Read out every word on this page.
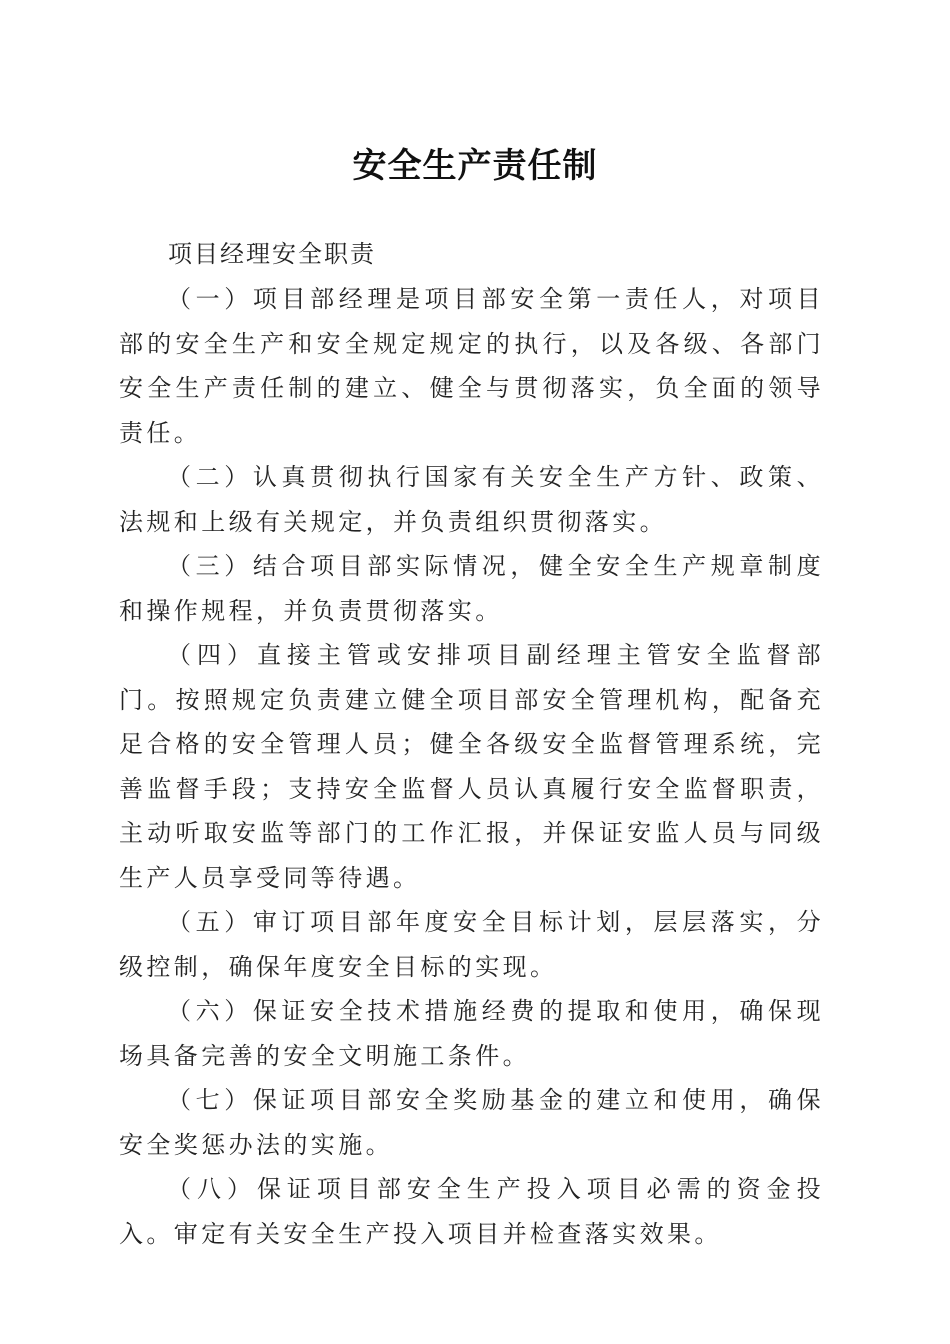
安全生产责任制

项目经理安全职责

（一）项目部经理是项目部安全第一责任人，对项目部的安全生产和安全规定规定的执行，以及各级、各部门安全生产责任制的建立、健全与贯彻落实，负全面的领导责任。

（二）认真贯彻执行国家有关安全生产方针、政策、法规和上级有关规定，并负责组织贯彻落实。

（三）结合项目部实际情况，健全安全生产规章制度和操作规程，并负责贯彻落实。

（四）直接主管或安排项目副经理主管安全监督部门。按照规定负责建立健全项目部安全管理机构，配备充足合格的安全管理人员；健全各级安全监督管理系统，完善监督手段；支持安全监督人员认真履行安全监督职责，主动听取安监等部门的工作汇报，并保证安监人员与同级生产人员享受同等待遇。

（五）审订项目部年度安全目标计划，层层落实，分级控制，确保年度安全目标的实现。

（六）保证安全技术措施经费的提取和使用，确保现场具备完善的安全文明施工条件。

（七）保证项目部安全奖励基金的建立和使用，确保安全奖惩办法的实施。

（八）保证项目部安全生产投入项目必需的资金投入。审定有关安全生产投入项目并检查落实效果。
